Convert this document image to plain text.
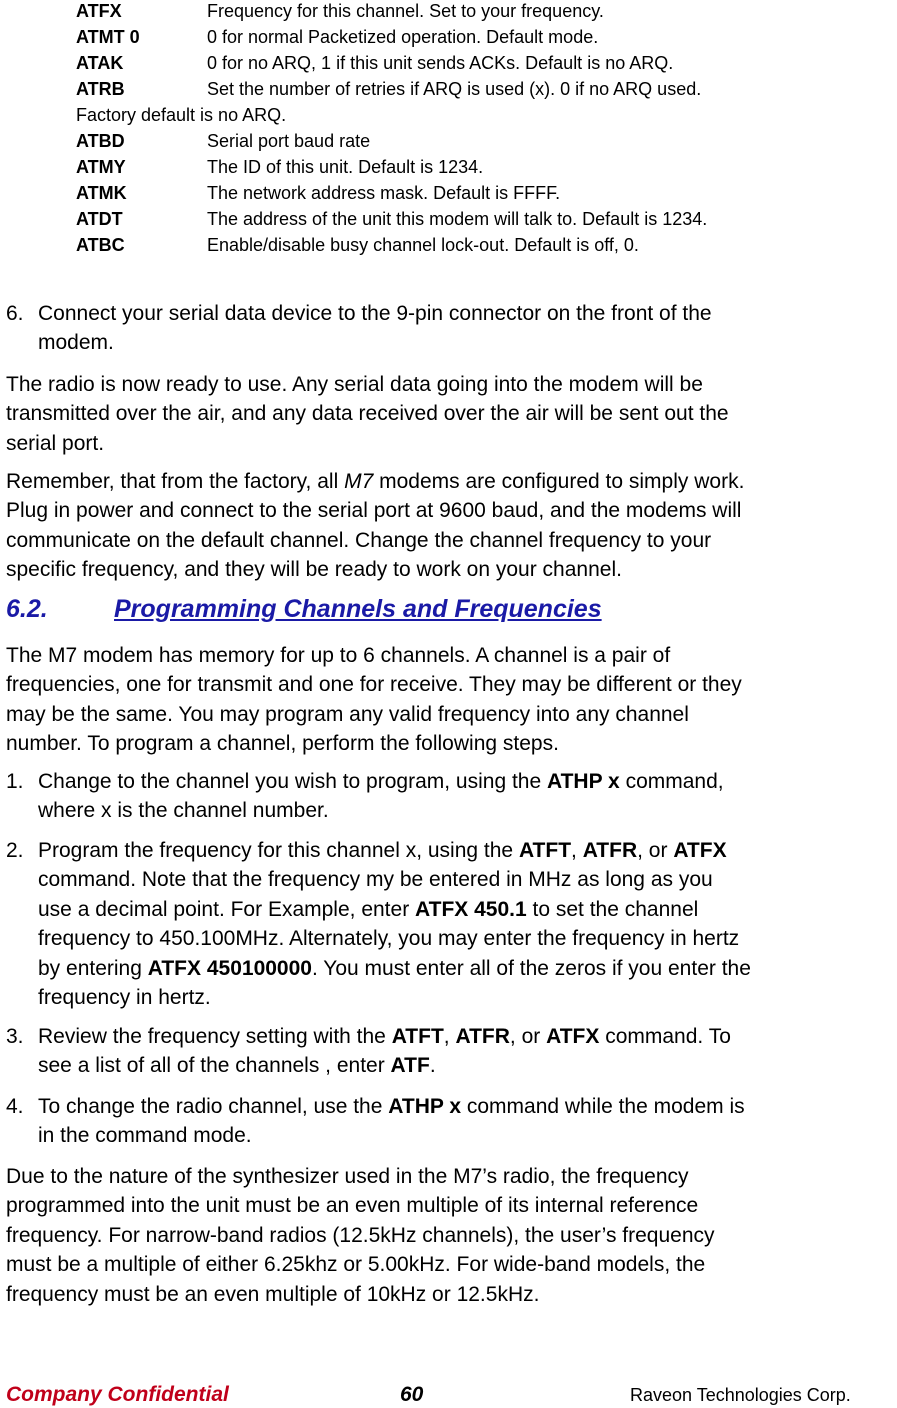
ATFX	Frequency for this channel. Set to your frequency.
ATMT 0	0 for normal Packetized operation. Default mode.
ATAK	0 for no ARQ, 1 if this unit sends ACKs. Default is no ARQ.
ATRB	Set the number of retries if ARQ is used (x). 0 if no ARQ used.
Factory default is no ARQ.
ATBD	Serial port baud rate
ATMY	The ID of this unit. Default is 1234.
ATMK	The network address mask. Default is FFFF.
ATDT	The address of the unit this modem will talk to. Default is 1234.
ATBC	Enable/disable busy channel lock-out. Default is off, 0.
6. Connect your serial data device to the 9-pin connector on the front of the
modem.

The radio is now ready to use. Any serial data going into the modem will be

transmitted over the air, and any data received over the air will be sent out the

serial port.

Remember, that from the factory, all M7 modems are configured to simply work.

Plug in power and connect to the serial port at 9600 baud, and the modems will

communicate on the default channel. Change the channel frequency to your

specific frequency, and they will be ready to work on your channel.

6.2.	Programming Channels and Frequencies

The M7 modem has memory for up to 6 channels. A channel is a pair of

frequencies, one for transmit and one for receive. They may be different or they

may be the same. You may program any valid frequency into any channel

number. To program a channel, perform the following steps.

1. Change to the channel you wish to program, using the ATHP x command,
where x is the channel number.
2. Program the frequency for this channel x, using the ATFT, ATFR, or ATFX
command. Note that the frequency my be entered in MHz as long as you
use a decimal point. For Example, enter ATFX 450.1 to set the channel
frequency to 450.100MHz. Alternately, you may enter the frequency in hertz
by entering ATFX 450100000. You must enter all of the zeros if you enter the
frequency in hertz.
3. Review the frequency setting with the ATFT, ATFR, or ATFX command. To
see a list of all of the channels , enter ATF.
4. To change the radio channel, use the ATHP x command while the modem is
in the command mode.

Due to the nature of the synthesizer used in the M7’s radio, the frequency

programmed into the unit must be an even multiple of its internal reference

frequency. For narrow-band radios (12.5kHz channels), the user’s frequency

must be a multiple of either 6.25khz or 5.00kHz. For wide-band models, the

frequency must be an even multiple of 10kHz or 12.5kHz.

Company Confidential	60	Raveon Technologies Corp.
